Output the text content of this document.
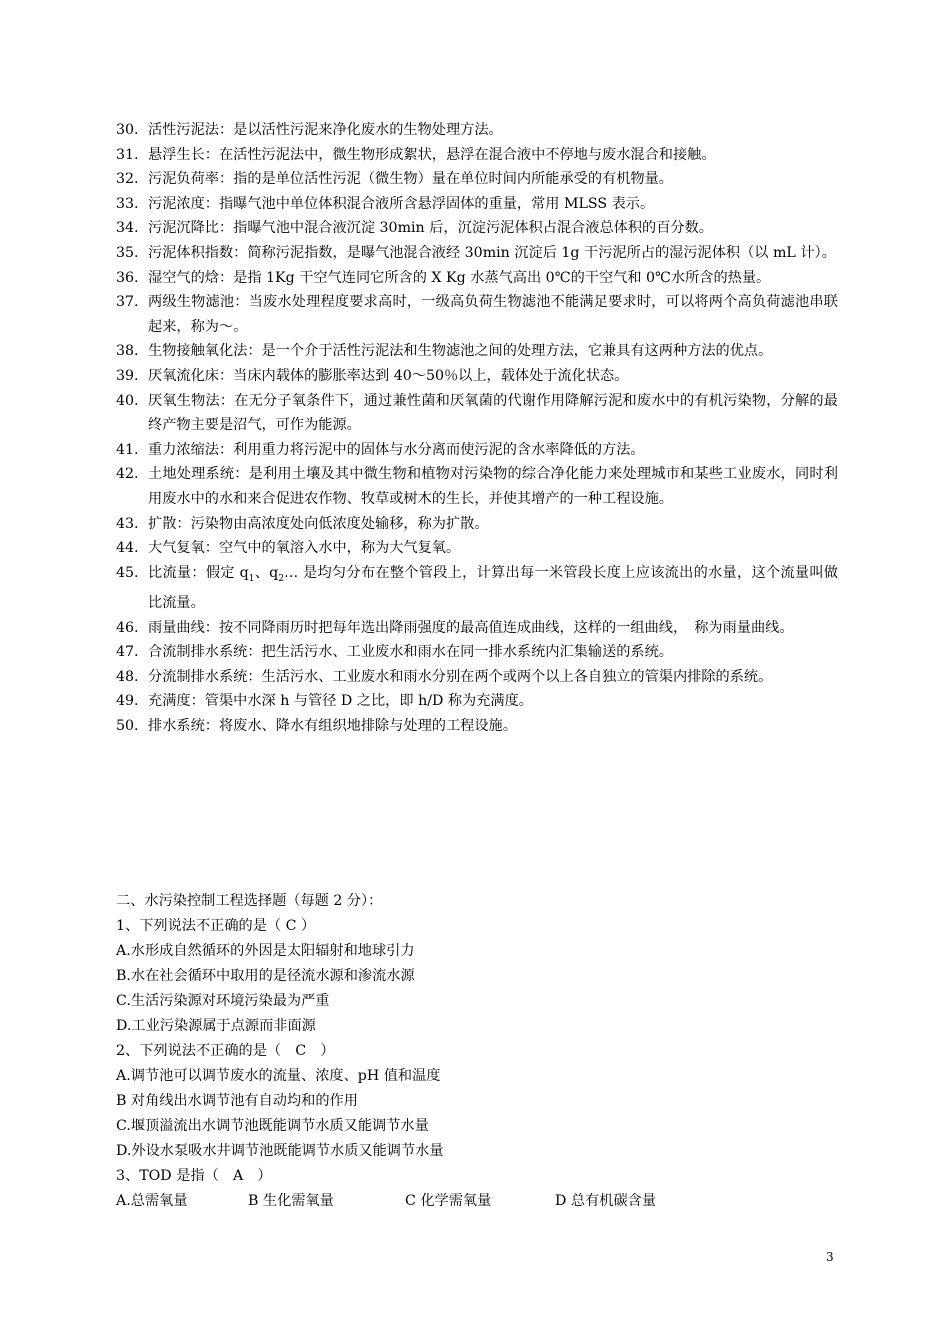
30. 活性污泥法：是以活性污泥来净化废水的生物处理方法。
31. 悬浮生长：在活性污泥法中，微生物形成絮状，悬浮在混合液中不停地与废水混合和接触。
32. 污泥负荷率：指的是单位活性污泥（微生物）量在单位时间内所能承受的有机物量。
33. 污泥浓度：指曝气池中单位体积混合液所含悬浮固体的重量，常用 MLSS 表示。
34. 污泥沉降比：指曝气池中混合液沉淀 30min 后，沉淀污泥体积占混合液总体积的百分数。
35. 污泥体积指数：简称污泥指数，是曝气池混合液经 30min 沉淀后 1g 干污泥所占的湿污泥体积（以 mL 计）。
36. 湿空气的焓：是指 1Kg 干空气连同它所含的 X Kg 水蒸气高出 0℃的干空气和 0℃水所含的热量。
37. 两级生物滤池：当废水处理程度要求高时，一级高负荷生物滤池不能满足要求时，可以将两个高负荷滤池串联起来，称为～。
38. 生物接触氧化法：是一个介于活性污泥法和生物滤池之间的处理方法，它兼具有这两种方法的优点。
39. 厌氧流化床：当床内载体的膨胀率达到 40～50％以上，载体处于流化状态。
40. 厌氧生物法：在无分子氧条件下，通过兼性菌和厌氧菌的代谢作用降解污泥和废水中的有机污染物，分解的最终产物主要是沼气，可作为能源。
41. 重力浓缩法：利用重力将污泥中的固体与水分离而使污泥的含水率降低的方法。
42. 土地处理系统：是利用土壤及其中微生物和植物对污染物的综合净化能力来处理城市和某些工业废水，同时利用废水中的水和来合促进农作物、牧草或树木的生长，并使其增产的一种工程设施。
43. 扩散：污染物由高浓度处向低浓度处输移，称为扩散。
44. 大气复氧：空气中的氧溶入水中，称为大气复氧。
45. 比流量：假定 $q_1$、$q_2\dots$ 是均匀分布在整个管段上，计算出每一米管段长度上应该流出的水量，这个流量叫做比流量。
46. 雨量曲线：按不同降雨历时把每年选出降雨强度的最高值连成曲线，这样的一组曲线，　称为雨量曲线。
47. 合流制排水系统：把生活污水、工业废水和雨水在同一排水系统内汇集输送的系统。
48. 分流制排水系统：生活污水、工业废水和雨水分别在两个或两个以上各自独立的管渠内排除的系统。
49. 充满度：管渠中水深 h 与管径 D 之比，即 h/D 称为充满度。
50. 排水系统：将废水、降水有组织地排除与处理的工程设施。
二、水污染控制工程选择题（每题 2 分）：
1、下列说法不正确的是（ C ）
A.水形成自然循环的外因是太阳辐射和地球引力
B.水在社会循环中取用的是径流水源和渗流水源
C.生活污染源对环境污染最为严重
D.工业污染源属于点源而非面源
2、下列说法不正确的是（　C　）
A.调节池可以调节废水的流量、浓度、pH 值和温度
B 对角线出水调节池有自动均和的作用
C.堰顶溢流出水调节池既能调节水质又能调节水量
D.外设水泵吸水井调节池既能调节水质又能调节水量
3、TOD 是指（　A　）
A.总需氧量	B 生化需氧量	C 化学需氧量	D 总有机碳含量
3
